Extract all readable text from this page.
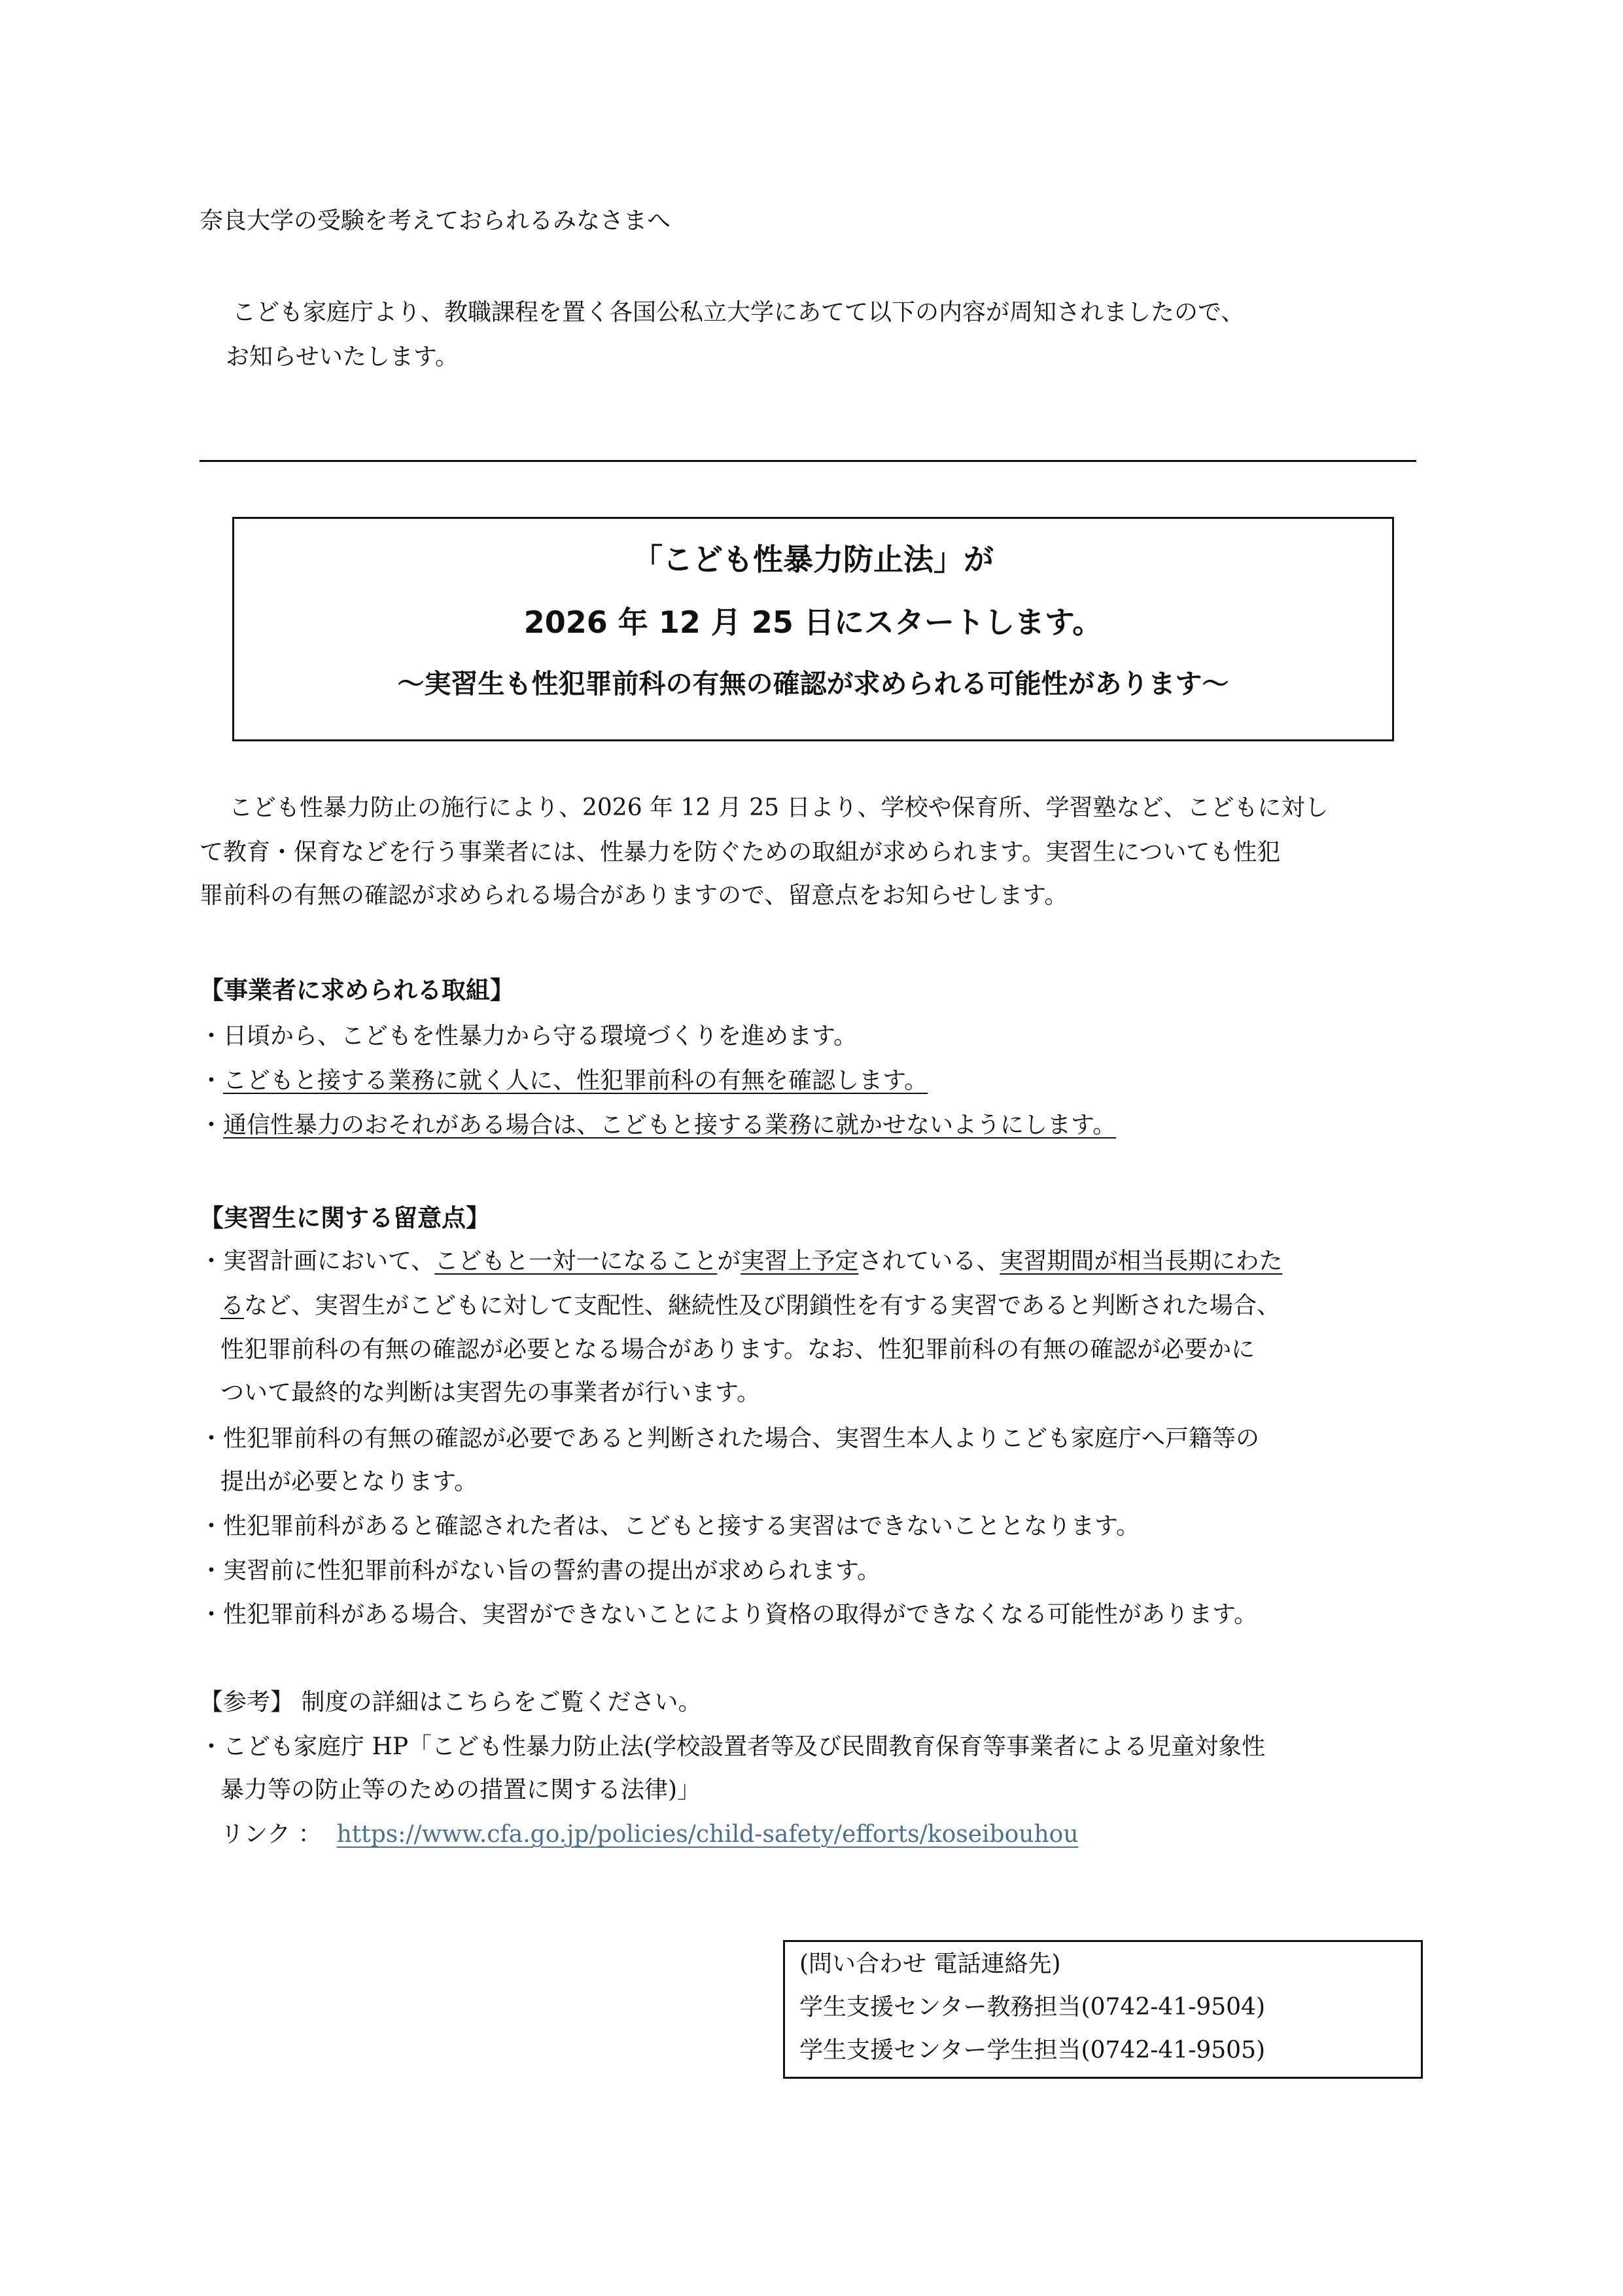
奈良大学の受験を考えておられるみなさまへ
こども家庭庁より、教職課程を置く各国公私立大学にあてて以下の内容が周知されましたので、
お知らせいたします。
「こども性暴力防止法」が
2026 年 12 月 25 日にスタートします。
〜実習生も性犯罪前科の有無の確認が求められる可能性があります〜
こども性暴力防止の施行により、2026 年 12 月 25 日より、学校や保育所、学習塾など、こどもに対し
て教育・保育などを行う事業者には、性暴力を防ぐための取組が求められます。実習生についても性犯
罪前科の有無の確認が求められる場合がありますので、留意点をお知らせします。
【事業者に求められる取組】
・日頃から、こどもを性暴力から守る環境づくりを進めます。
・こどもと接する業務に就く人に、性犯罪前科の有無を確認します。
・通信性暴力のおそれがある場合は、こどもと接する業務に就かせないようにします。
【実習生に関する留意点】
・実習計画において、こどもと一対一になることが実習上予定されている、実習期間が相当長期にわた
るなど、実習生がこどもに対して支配性、継続性及び閉鎖性を有する実習であると判断された場合、
性犯罪前科の有無の確認が必要となる場合があります。なお、性犯罪前科の有無の確認が必要かに
ついて最終的な判断は実習先の事業者が行います。
・性犯罪前科の有無の確認が必要であると判断された場合、実習生本人よりこども家庭庁へ戸籍等の
提出が必要となります。
・性犯罪前科があると確認された者は、こどもと接する実習はできないこととなります。
・実習前に性犯罪前科がない旨の誓約書の提出が求められます。
・性犯罪前科がある場合、実習ができないことにより資格の取得ができなくなる可能性があります。
【参考】 制度の詳細はこちらをご覧ください。
・こども家庭庁 HP「こども性暴力防止法(学校設置者等及び民間教育保育等事業者による児童対象性
暴力等の防止等のための措置に関する法律)」
リンク ： https://www.cfa.go.jp/policies/child-safety/efforts/koseibouhou
(問い合わせ 電話連絡先)
学生支援センター教務担当(0742-41-9504)
学生支援センター学生担当(0742-41-9505)
